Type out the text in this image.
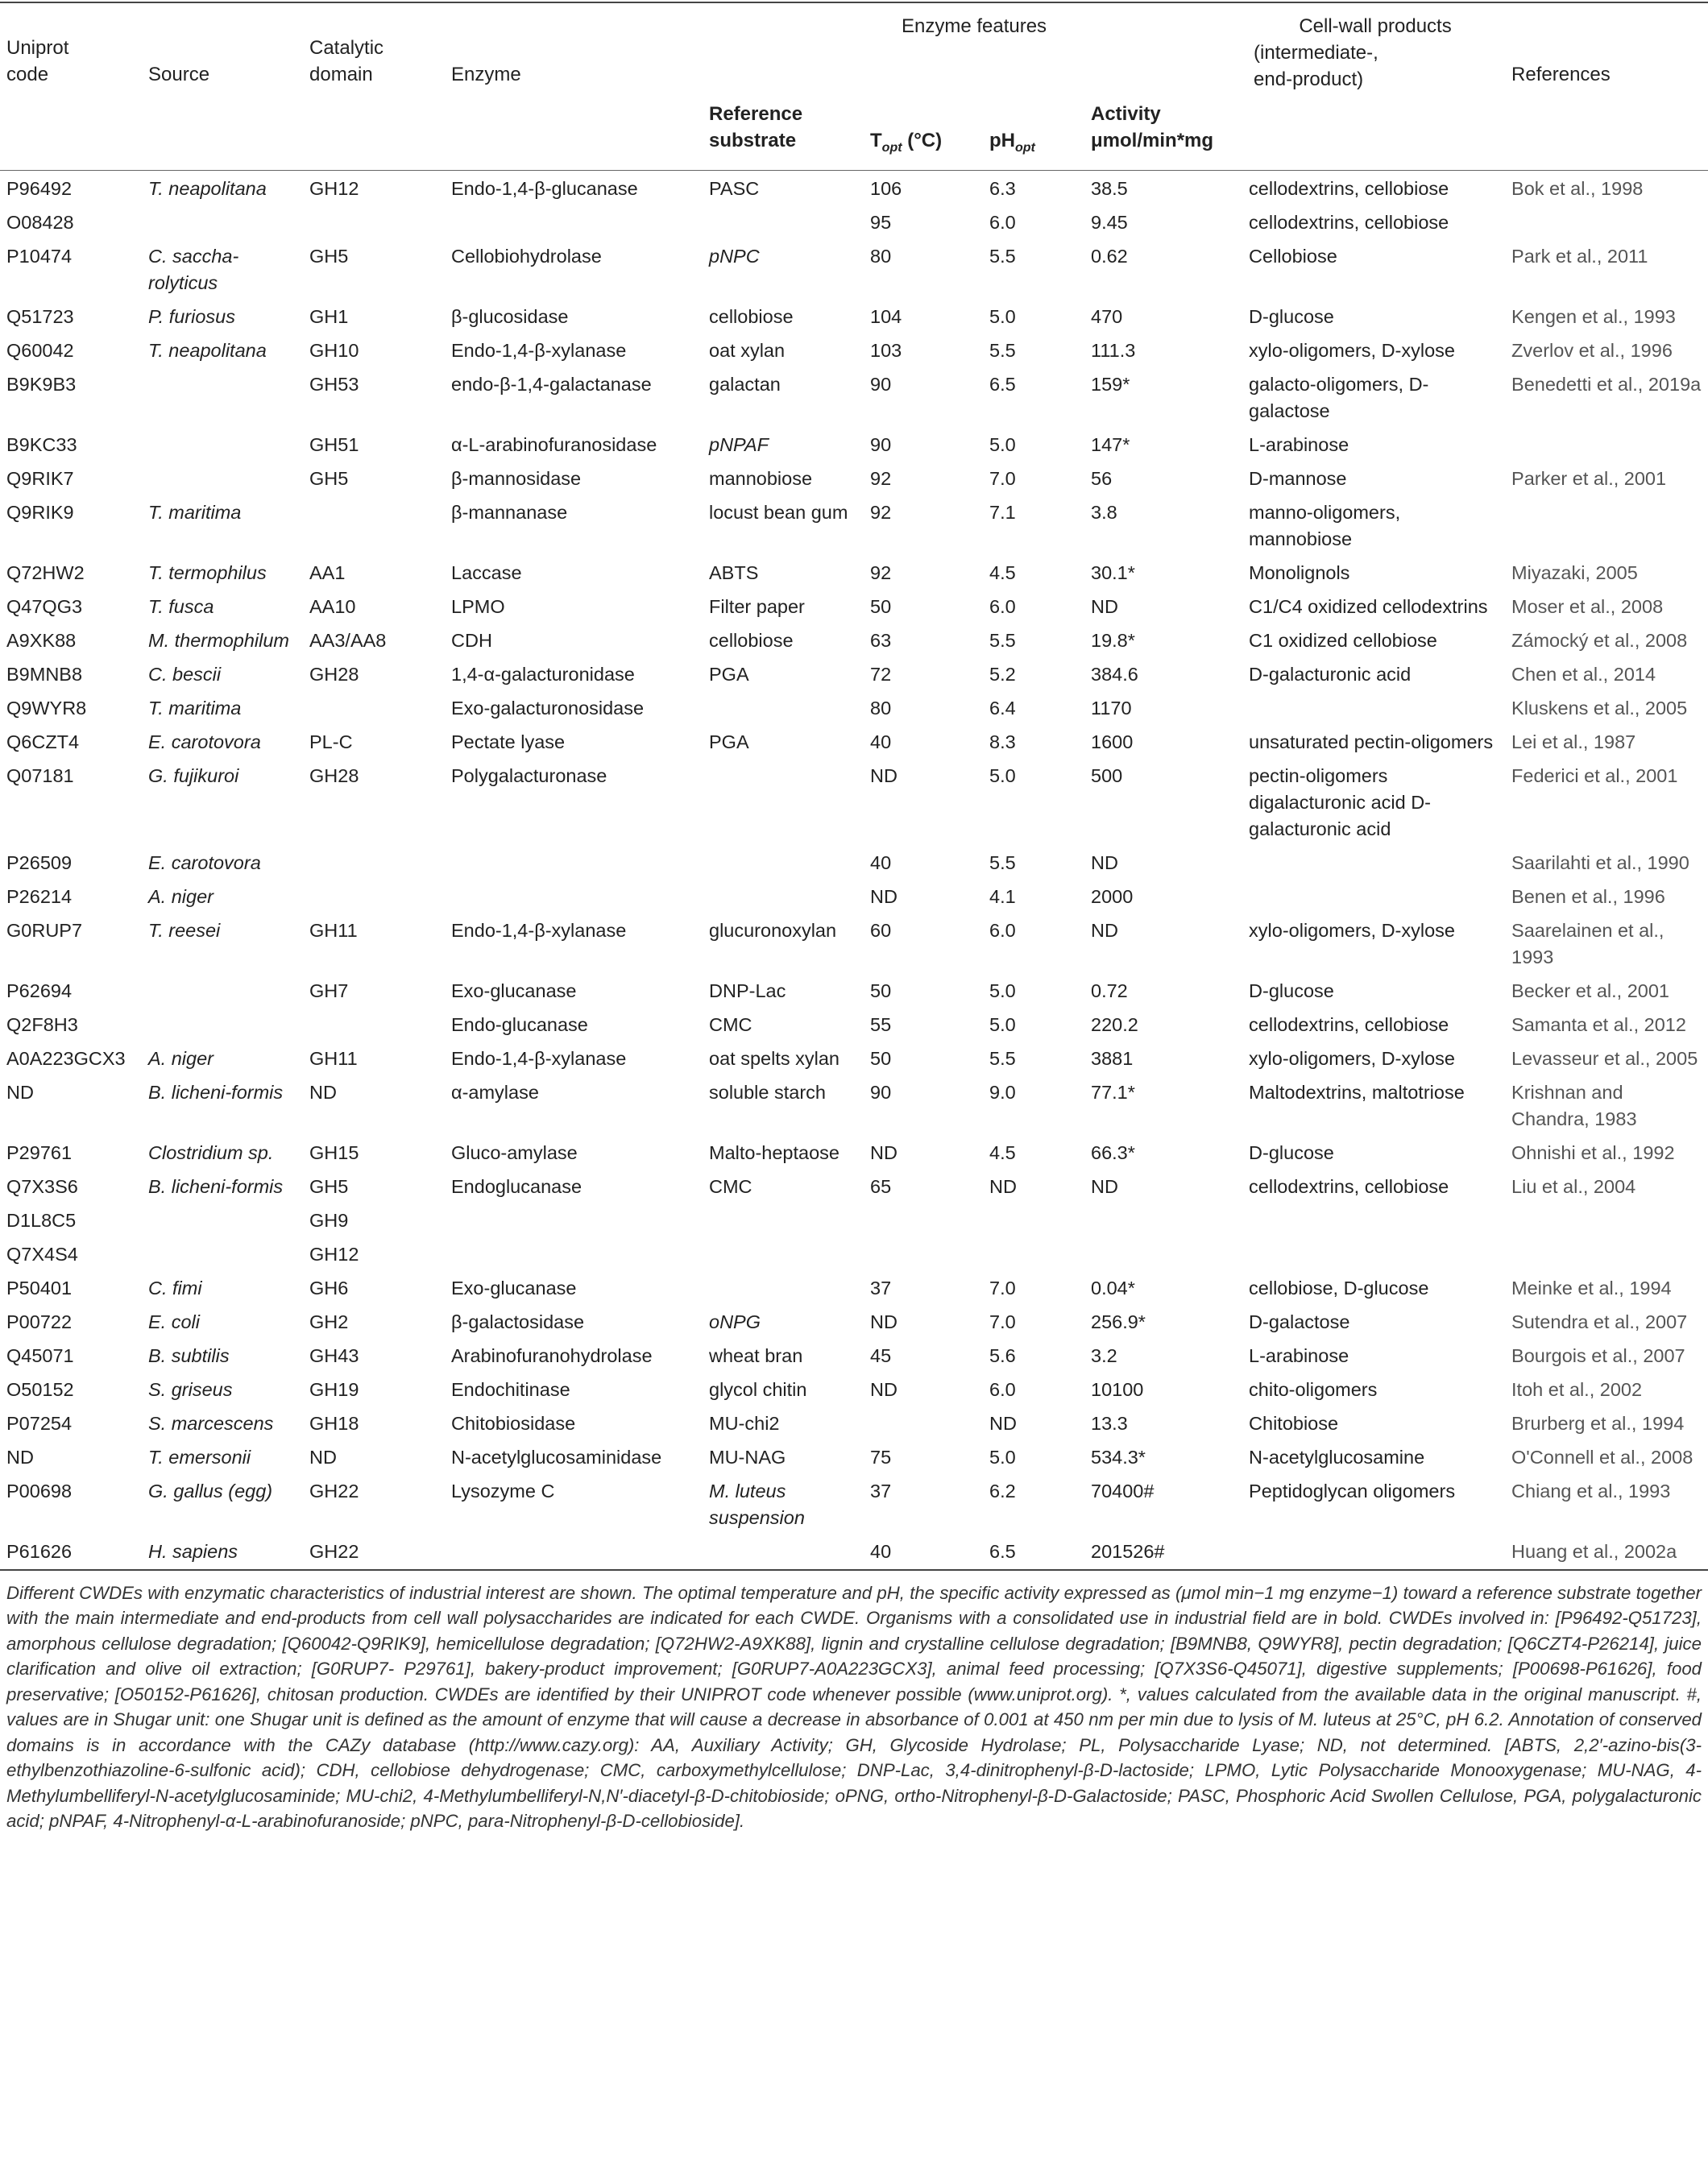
Uniprot code	Source	Catalytic domain	Enzyme	Enzyme features				Cell-wall products
(intermediate-,
end-product)	References

				Reference substrate	$T_{opt}$ (°C)	$pH_{opt}$	Activity
μmol/min*mg		

P96492	T. neapolitana	GH12	Endo-1,4-β-glucanase	PASC	106	6.3	38.5	cellodextrins, cellobiose	Bok et al., 1998
O08428					95	6.0	9.45	cellodextrins, cellobiose	
P10474	C. saccha-rolyticus	GH5	Cellobiohydrolase	pNPC	80	5.5	0.62	Cellobiose	Park et al., 2011
Q51723	P. furiosus	GH1	β-glucosidase	cellobiose	104	5.0	470	D-glucose	Kengen et al., 1993
Q60042	T. neapolitana	GH10	Endo-1,4-β-xylanase	oat xylan	103	5.5	111.3	xylo-oligomers, D-xylose	Zverlov et al., 1996
B9K9B3		GH53	endo-β-1,4-galactanase	galactan	90	6.5	159*	galacto-oligomers, D-galactose	Benedetti et al., 2019a
B9KC33		GH51	α-L-arabinofuranosidase	pNPAF	90	5.0	147*	L-arabinose	
Q9RIK7		GH5	β-mannosidase	mannobiose	92	7.0	56	D-mannose	Parker et al., 2001
Q9RIK9	T. maritima		β-mannanase	locust bean gum	92	7.1	3.8	manno-oligomers, mannobiose	
Q72HW2	T. termophilus	AA1	Laccase	ABTS	92	4.5	30.1*	Monolignols	Miyazaki, 2005
Q47QG3	T. fusca	AA10	LPMO	Filter paper	50	6.0	ND	C1/C4 oxidized cellodextrins	Moser et al., 2008
A9XK88	M. thermophilum	AA3/AA8	CDH	cellobiose	63	5.5	19.8*	C1 oxidized cellobiose	Zámocký et al., 2008
B9MNB8	C. bescii	GH28	1,4-α-galacturonidase	PGA	72	5.2	384.6	D-galacturonic acid	Chen et al., 2014
Q9WYR8	T. maritima		Exo-galacturonosidase		80	6.4	1170		Kluskens et al., 2005
Q6CZT4	E. carotovora	PL-C	Pectate lyase	PGA	40	8.3	1600	unsaturated pectin-oligomers	Lei et al., 1987
Q07181	G. fujikuroi	GH28	Polygalacturonase		ND	5.0	500	pectin-oligomers digalacturonic acid D-galacturonic acid	Federici et al., 2001
P26509	E. carotovora				40	5.5	ND		Saarilahti et al., 1990
P26214	A. niger				ND	4.1	2000		Benen et al., 1996
G0RUP7	T. reesei	GH11	Endo-1,4-β-xylanase	glucuronoxylan	60	6.0	ND	xylo-oligomers, D-xylose	Saarelainen et al., 1993
P62694		GH7	Exo-glucanase	DNP-Lac	50	5.0	0.72	D-glucose	Becker et al., 2001
Q2F8H3			Endo-glucanase	CMC	55	5.0	220.2	cellodextrins, cellobiose	Samanta et al., 2012
A0A223GCX3	A. niger	GH11	Endo-1,4-β-xylanase	oat spelts xylan	50	5.5	3881	xylo-oligomers, D-xylose	Levasseur et al., 2005
ND	B. licheni-formis	ND	α-amylase	soluble starch	90	9.0	77.1*	Maltodextrins, maltotriose	Krishnan and Chandra, 1983
P29761	Clostridium sp.	GH15	Gluco-amylase	Malto-heptaose	ND	4.5	66.3*	D-glucose	Ohnishi et al., 1992
Q7X3S6	B. licheni-formis	GH5	Endoglucanase	CMC	65	ND	ND	cellodextrins, cellobiose	Liu et al., 2004
D1L8C5		GH9							
Q7X4S4		GH12							
P50401	C. fimi	GH6	Exo-glucanase		37	7.0	0.04*	cellobiose, D-glucose	Meinke et al., 1994
P00722	E. coli	GH2	β-galactosidase	oNPG	ND	7.0	256.9*	D-galactose	Sutendra et al., 2007
Q45071	B. subtilis	GH43	Arabinofuranohydrolase	wheat bran	45	5.6	3.2	L-arabinose	Bourgois et al., 2007
O50152	S. griseus	GH19	Endochitinase	glycol chitin	ND	6.0	10100	chito-oligomers	Itoh et al., 2002
P07254	S. marcescens	GH18	Chitobiosidase	MU-chi2		ND	13.3	Chitobiose	Brurberg et al., 1994
ND	T. emersonii	ND	N-acetylglucosaminidase	MU-NAG	75	5.0	534.3*	N-acetylglucosamine	O'Connell et al., 2008
P00698	G. gallus (egg)	GH22	Lysozyme C	M. luteus suspension	37	6.2	70400#	Peptidoglycan oligomers	Chiang et al., 1993
P61626	H. sapiens	GH22			40	6.5	201526#		Huang et al., 2002a
Different CWDEs with enzymatic characteristics of industrial interest are shown. The optimal temperature and pH, the specific activity expressed as (μmol min−1 mg enzyme−1) toward a reference substrate together with the main intermediate and end-products from cell wall polysaccharides are indicated for each CWDE. Organisms with a consolidated use in industrial field are in bold. CWDEs involved in: [P96492-Q51723], amorphous cellulose degradation; [Q60042-Q9RIK9], hemicellulose degradation; [Q72HW2-A9XK88], lignin and crystalline cellulose degradation; [B9MNB8, Q9WYR8], pectin degradation; [Q6CZT4-P26214], juice clarification and olive oil extraction; [G0RUP7- P29761], bakery-product improvement; [G0RUP7-A0A223GCX3], animal feed processing; [Q7X3S6-Q45071], digestive supplements; [P00698-P61626], food preservative; [O50152-P61626], chitosan production. CWDEs are identified by their UNIPROT code whenever possible (www.uniprot.org). *, values calculated from the available data in the original manuscript. #, values are in Shugar unit: one Shugar unit is defined as the amount of enzyme that will cause a decrease in absorbance of 0.001 at 450 nm per min due to lysis of M. luteus at 25°C, pH 6.2. Annotation of conserved domains is in accordance with the CAZy database (http://www.cazy.org): AA, Auxiliary Activity; GH, Glycoside Hydrolase; PL, Polysaccharide Lyase; ND, not determined. [ABTS, 2,2′-azino-bis(3- ethylbenzothiazoline-6-sulfonic acid); CDH, cellobiose dehydrogenase; CMC, carboxymethylcellulose; DNP-Lac, 3,4-dinitrophenyl-β-D-lactoside; LPMO, Lytic Polysaccharide Monooxygenase; MU-NAG, 4-Methylumbelliferyl-N-acetylglucosaminide; MU-chi2, 4-Methylumbelliferyl-N,N′-diacetyl-β-D-chitobioside; oPNG, ortho-Nitrophenyl-β-D-Galactoside; PASC, Phosphoric Acid Swollen Cellulose, PGA, polygalacturonic acid; pNPAF, 4-Nitrophenyl-α-L-arabinofuranoside; pNPC, para-Nitrophenyl-β-D-cellobioside].
